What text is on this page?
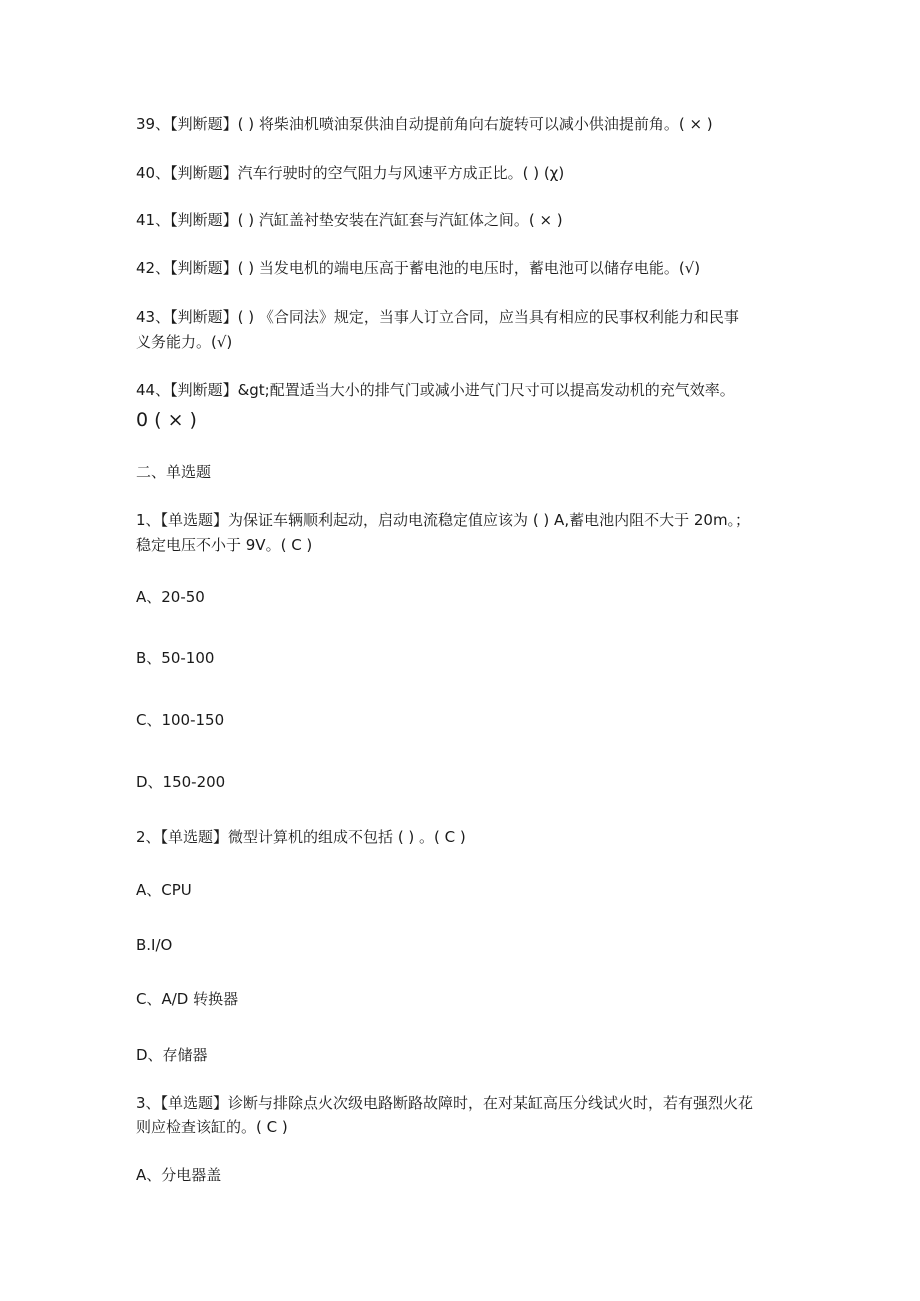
39、【判断题】( ) 将柴油机喷油泵供油自动提前角向右旋转可以减小供油提前角。( × )
40、【判断题】汽车行驶时的空气阻力与风速平方成正比。( ) (χ)
41、【判断题】( ) 汽缸盖衬垫安装在汽缸套与汽缸体之间。( × )
42、【判断题】( ) 当发电机的端电压高于蓄电池的电压时，蓄电池可以储存电能。(√)
43、【判断题】( ) 《合同法》规定，当事人订立合同，应当具有相应的民事权利能力和民事
义务能力。(√)
44、【判断题】&gt;配置适当大小的排气门或减小进气门尺寸可以提高发动机的充气效率。
0 ( × )
二、单选题
1、【单选题】为保证车辆顺利起动，启动电流稳定值应该为 ( ) A,蓄电池内阻不大于 20m。；
稳定电压不小于 9V。( C )
A、20-50
B、50-100
C、100-150
D、150-200
2、【单选题】微型计算机的组成不包括 ( ) 。( C )
A、CPU
B.I/O
C、A/D 转换器
D、存储器
3、【单选题】诊断与排除点火次级电路断路故障时，在对某缸高压分线试火时，若有强烈火花
则应检查该缸的。( C )
A、分电器盖
